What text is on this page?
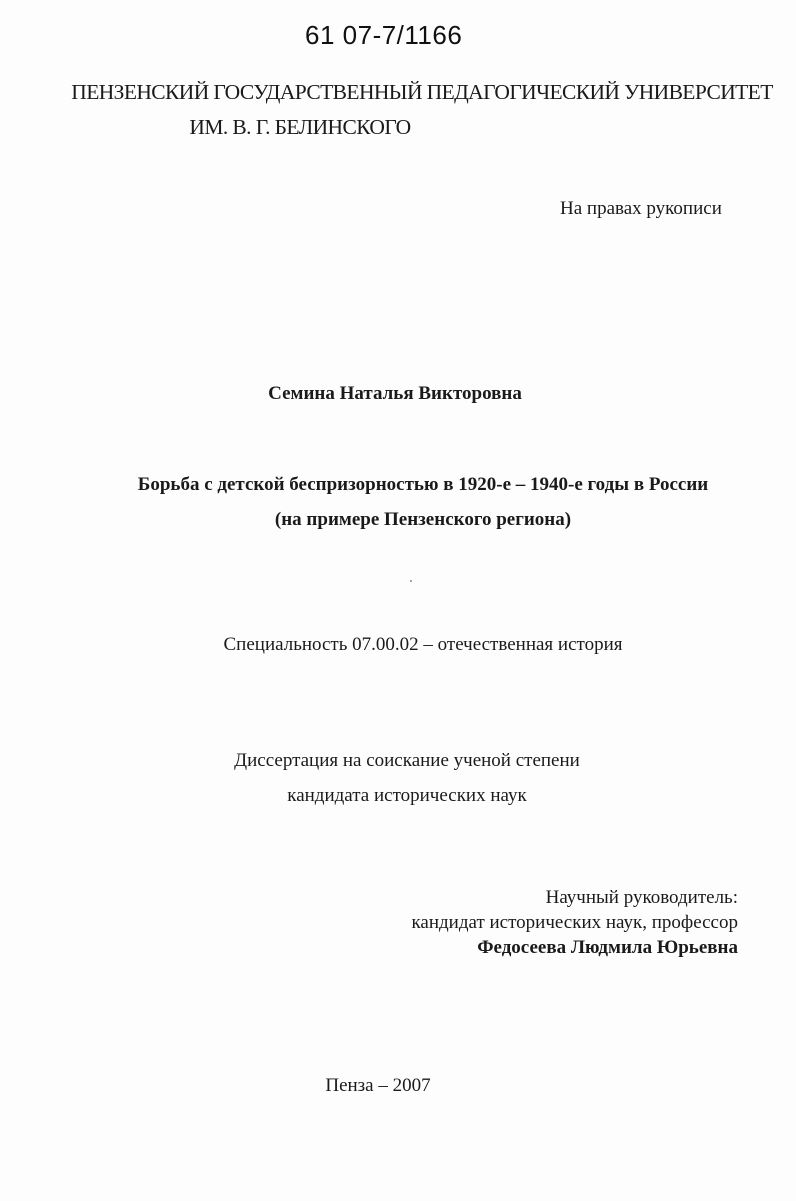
61 07-7/1166
ПЕНЗЕНСКИЙ ГОСУДАРСТВЕННЫЙ ПЕДАГОГИЧЕСКИЙ УНИВЕРСИТЕТ
ИМ. В. Г. БЕЛИНСКОГО
На правах рукописи
Семина Наталья Викторовна
Борьба с детской беспризорностью в 1920-е – 1940-е годы в России
(на примере Пензенского региона)
Специальность 07.00.02 – отечественная история
Диссертация на соискание ученой степени
кандидата исторических наук
Научный руководитель:
кандидат исторических наук, профессор
Федосеева Людмила Юрьевна
Пенза – 2007
